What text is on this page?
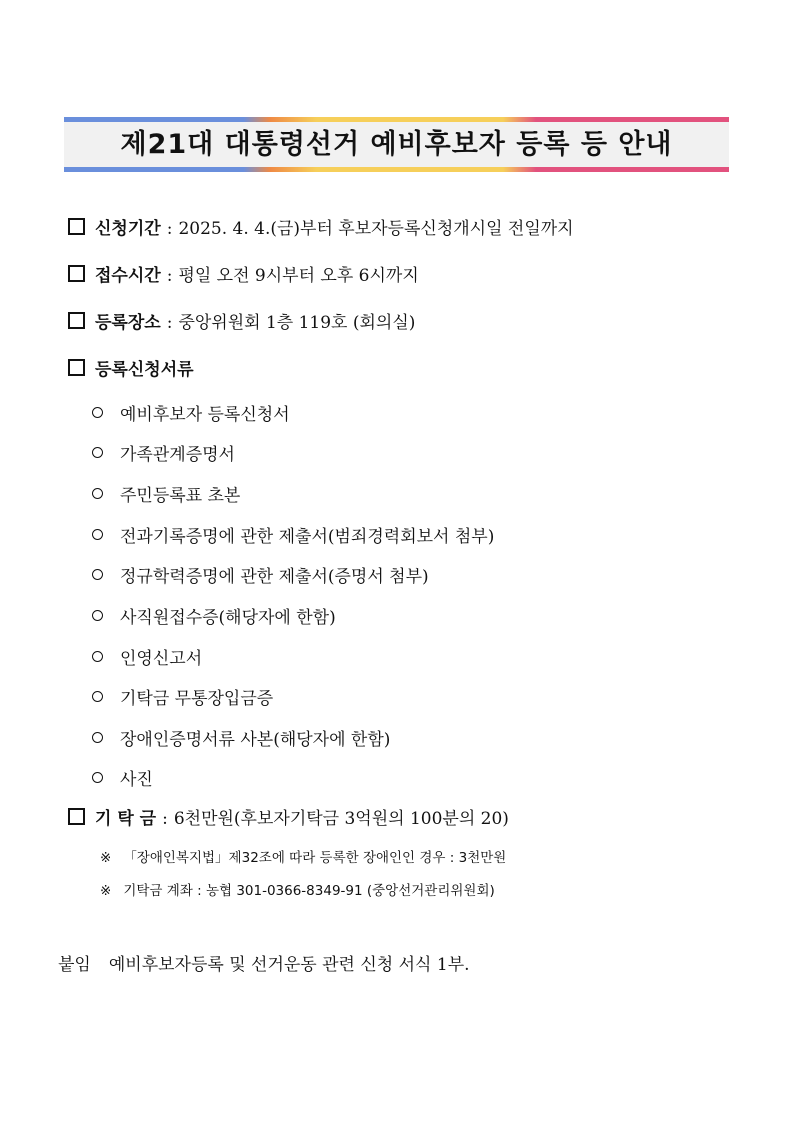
제21대 대통령선거 예비후보자 등록 등 안내
신청기간 : 2025. 4. 4.(금)부터 후보자등록신청개시일 전일까지
접수시간 : 평일 오전 9시부터 오후 6시까지
등록장소 : 중앙위원회 1층 119호 (회의실)
등록신청서류
예비후보자 등록신청서
가족관계증명서
주민등록표 초본
전과기록증명에 관한 제출서(범죄경력회보서 첨부)
정규학력증명에 관한 제출서(증명서 첨부)
사직원접수증(해당자에 한함)
인영신고서
기탁금 무통장입금증
장애인증명서류 사본(해당자에 한함)
사진
기 탁 금 : 6천만원(후보자기탁금 3억원의 100분의 20)
※ 「장애인복지법」제32조에 따라 등록한 장애인인 경우 : 3천만원
※ 기탁금 계좌 : 농협 301-0366-8349-91 (중앙선거관리위원회)
붙임 예비후보자등록 및 선거운동 관련 신청 서식 1부.
